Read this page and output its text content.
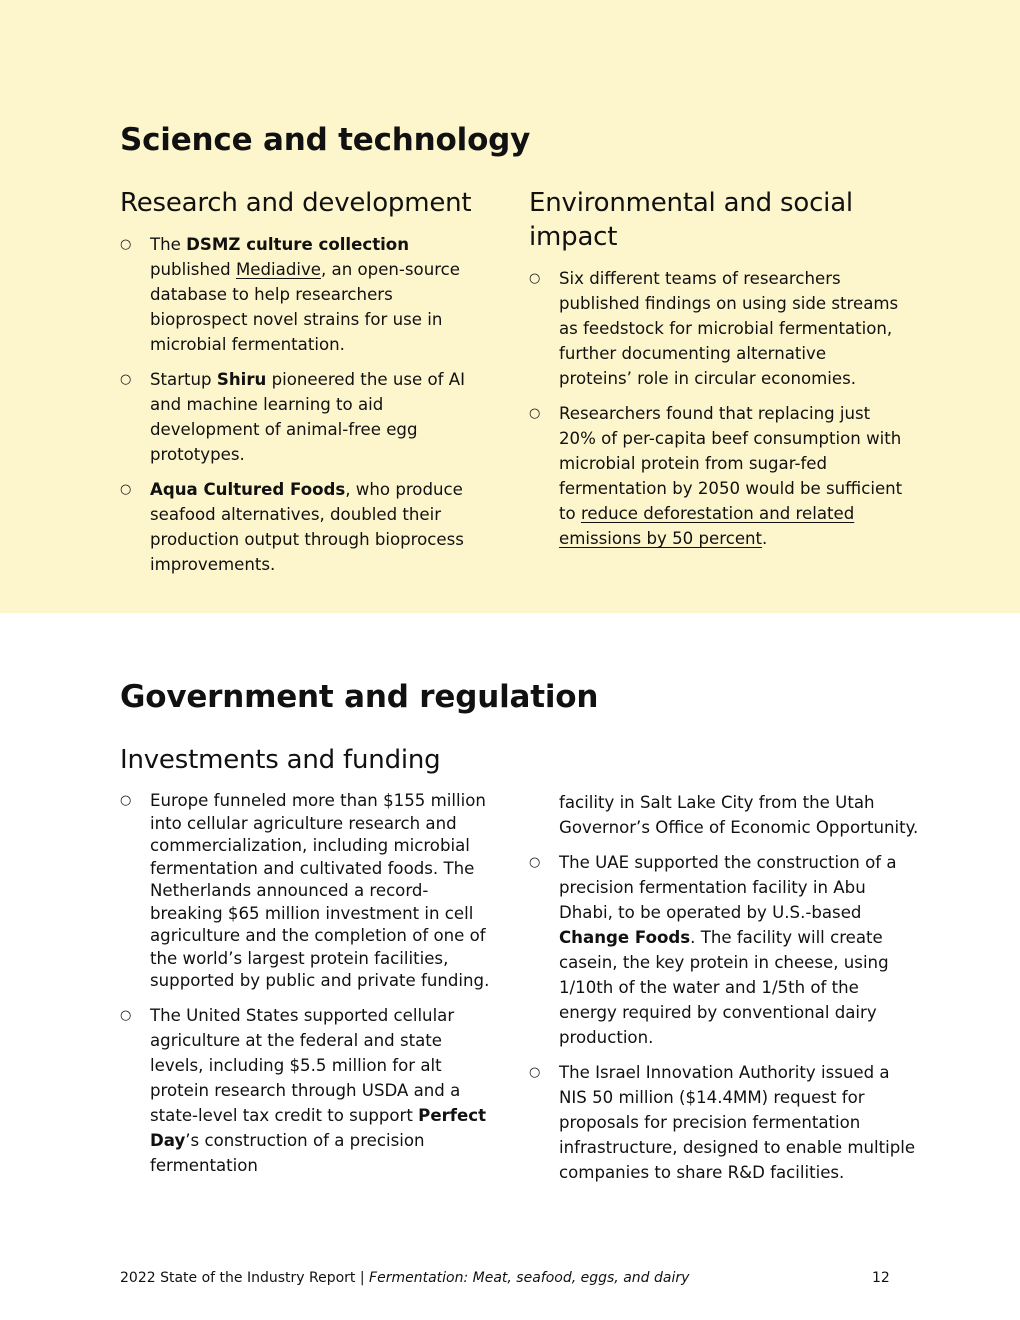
Science and technology
Research and development
○ The DSMZ culture collection published Mediadive, an open-source database to help researchers bioprospect novel strains for use in microbial fermentation.
○ Startup Shiru pioneered the use of AI and machine learning to aid development of animal-free egg prototypes.
○ Aqua Cultured Foods, who produce seafood alternatives, doubled their production output through bioprocess improvements.
Environmental and social impact
○ Six different teams of researchers published findings on using side streams as feedstock for microbial fermentation, further documenting alternative proteins’ role in circular economies.
○ Researchers found that replacing just 20% of per-capita beef consumption with microbial protein from sugar-fed fermentation by 2050 would be sufficient to reduce deforestation and related emissions by 50 percent.
Government and regulation
Investments and funding
○ Europe funneled more than $155 million into cellular agriculture research and commercialization, including microbial fermentation and cultivated foods. The Netherlands announced a record-breaking $65 million investment in cell agriculture and the completion of one of the world’s largest protein facilities, supported by public and private funding.
○ The United States supported cellular agriculture at the federal and state levels, including $5.5 million for alt protein research through USDA and a state-level tax credit to support Perfect Day’s construction of a precision fermentation
facility in Salt Lake City from the Utah Governor’s Office of Economic Opportunity.
○ The UAE supported the construction of a precision fermentation facility in Abu Dhabi, to be operated by U.S.-based Change Foods. The facility will create casein, the key protein in cheese, using 1/10th of the water and 1/5th of the energy required by conventional dairy production.
○ The Israel Innovation Authority issued a NIS 50 million ($14.4MM) request for proposals for precision fermentation infrastructure, designed to enable multiple companies to share R&D facilities.
2022 State of the Industry Report | Fermentation: Meat, seafood, eggs, and dairy	12
